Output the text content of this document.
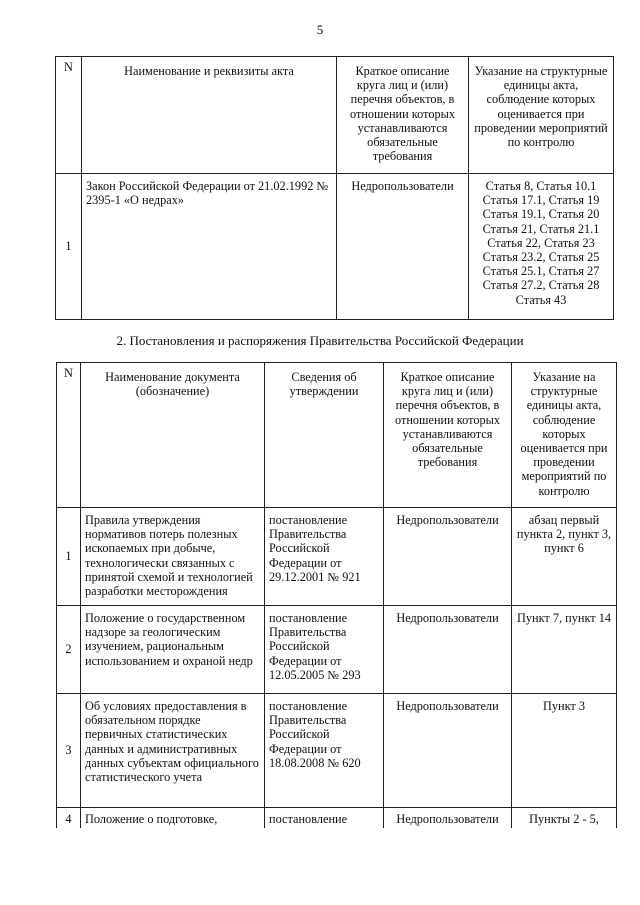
5
N	Наименование и реквизиты акта	Краткое описание круга лиц и (или) перечня объектов, в отношении которых устанавливаются обязательные требования	Указание на структурные единицы акта, соблюдение которых оценивается при проведении мероприятий по контролю
1	Закон Российской Федерации от 21.02.1992 № 2395-1 «О недрах»	Недропользователи	Статья 8, Статья 10.1 Статья 17.1, Статья 19 Статья 19.1, Статья 20 Статья 21, Статья 21.1 Статья 22, Статья 23 Статья 23.2, Статья 25 Статья 25.1, Статья 27 Статья 27.2, Статья 28 Статья 43
2. Постановления и распоряжения Правительства Российской Федерации
N	Наименование документа (обозначение)	Сведения об утверждении	Краткое описание круга лиц и (или) перечня объектов, в отношении которых устанавливаются обязательные требования	Указание на структурные единицы акта, соблюдение которых оценивается при проведении мероприятий по контролю
1	Правила утверждения нормативов потерь полезных ископаемых при добыче, технологически связанных с принятой схемой и технологией разработки месторождения	постановление Правительства Российской Федерации от 29.12.2001 № 921	Недропользователи	абзац первый пункта 2, пункт 3, пункт 6
2	Положение о государственном надзоре за геологическим изучением, рациональным использованием и охраной недр	постановление Правительства Российской Федерации от 12.05.2005 № 293	Недропользователи	Пункт 7, пункт 14
3	Об условиях предоставления в обязательном порядке первичных статистических данных и административных данных субъектам официального статистического учета	постановление Правительства Российской Федерации от 18.08.2008 № 620	Недропользователи	Пункт 3
4	Положение о подготовке,	постановление	Недропользователи	Пункты 2 - 5,
